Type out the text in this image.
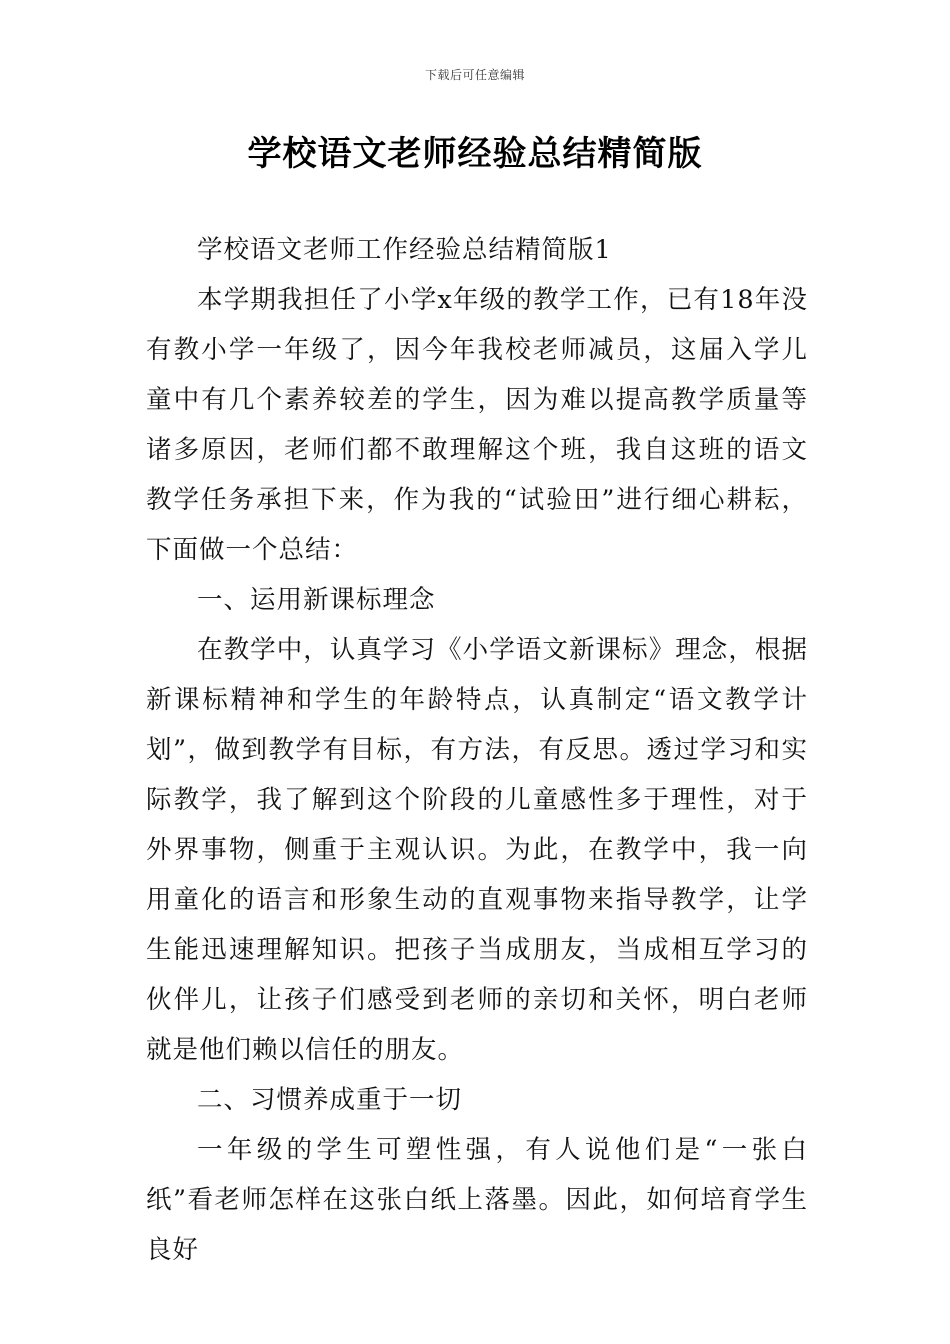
下载后可任意编辑
学校语文老师经验总结精简版

学校语文老师工作经验总结精简版1

本学期我担任了小学x年级的教学工作，已有18年没有教小学一年级了，因今年我校老师减员，这届入学儿童中有几个素养较差的学生，因为难以提高教学质量等诸多原因，老师们都不敢理解这个班，我自这班的语文教学任务承担下来，作为我的“试验田”进行细心耕耘，下面做一个总结：

一、运用新课标理念

在教学中，认真学习《小学语文新课标》理念，根据新课标精神和学生的年龄特点，认真制定“语文教学计划”，做到教学有目标，有方法，有反思。透过学习和实际教学，我了解到这个阶段的儿童感性多于理性，对于外界事物，侧重于主观认识。为此，在教学中，我一向用童化的语言和形象生动的直观事物来指导教学，让学生能迅速理解知识。把孩子当成朋友，当成相互学习的伙伴儿，让孩子们感受到老师的亲切和关怀，明白老师就是他们赖以信任的朋友。

二、习惯养成重于一切

一年级的学生可塑性强，有人说他们是“一张白纸”看老师怎样在这张白纸上落墨。因此，如何培育学生良好
